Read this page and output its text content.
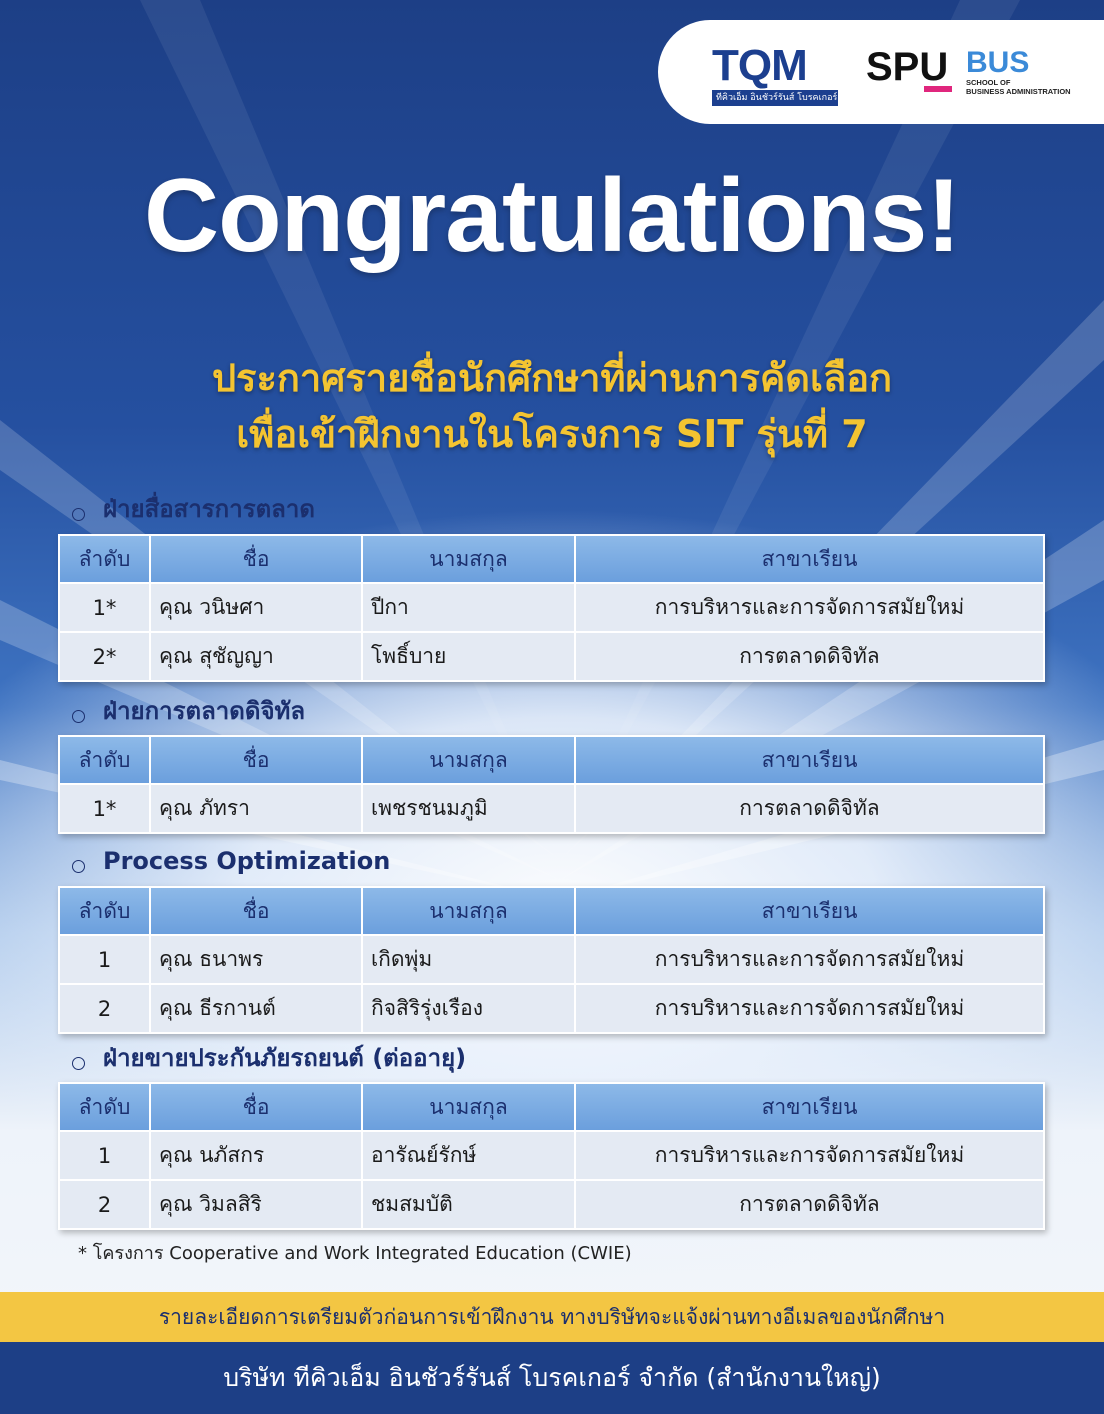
TQM
ทีคิวเอ็ม อินชัวร์รันส์ โบรคเกอร์
SPU BUS
SCHOOL OF
BUSINESS ADMINISTRATION
Congratulations!
ประกาศรายชื่อนักศึกษาที่ผ่านการคัดเลือก
เพื่อเข้าฝึกงานในโครงการ SIT รุ่นที่ 7
ฝ่ายสื่อสารการตลาด
ลำดับ	ชื่อ	นามสกุล	สาขาเรียน
1*	คุณ วนิษศา	ปีกา	การบริหารและการจัดการสมัยใหม่
2*	คุณ สุชัญญา	โพธิ์บาย	การตลาดดิจิทัล
ฝ่ายการตลาดดิจิทัล
ลำดับ	ชื่อ	นามสกุล	สาขาเรียน
1*	คุณ ภัทรา	เพชรชนมภูมิ	การตลาดดิจิทัล
Process Optimization
ลำดับ	ชื่อ	นามสกุล	สาขาเรียน
1	คุณ ธนาพร	เกิดพุ่ม	การบริหารและการจัดการสมัยใหม่
2	คุณ ธีรกานต์	กิจสิริรุ่งเรือง	การบริหารและการจัดการสมัยใหม่
ฝ่ายขายประกันภัยรถยนต์ (ต่ออายุ)
ลำดับ	ชื่อ	นามสกุล	สาขาเรียน
1	คุณ นภัสกร	อารัณย์รักษ์	การบริหารและการจัดการสมัยใหม่
2	คุณ วิมลสิริ	ชมสมบัติ	การตลาดดิจิทัล
* โครงการ Cooperative and Work Integrated Education (CWIE)
รายละเอียดการเตรียมตัวก่อนการเข้าฝึกงาน ทางบริษัทจะแจ้งผ่านทางอีเมลของนักศึกษา
บริษัท ทีคิวเอ็ม อินชัวร์รันส์ โบรคเกอร์ จำกัด (สำนักงานใหญ่)
